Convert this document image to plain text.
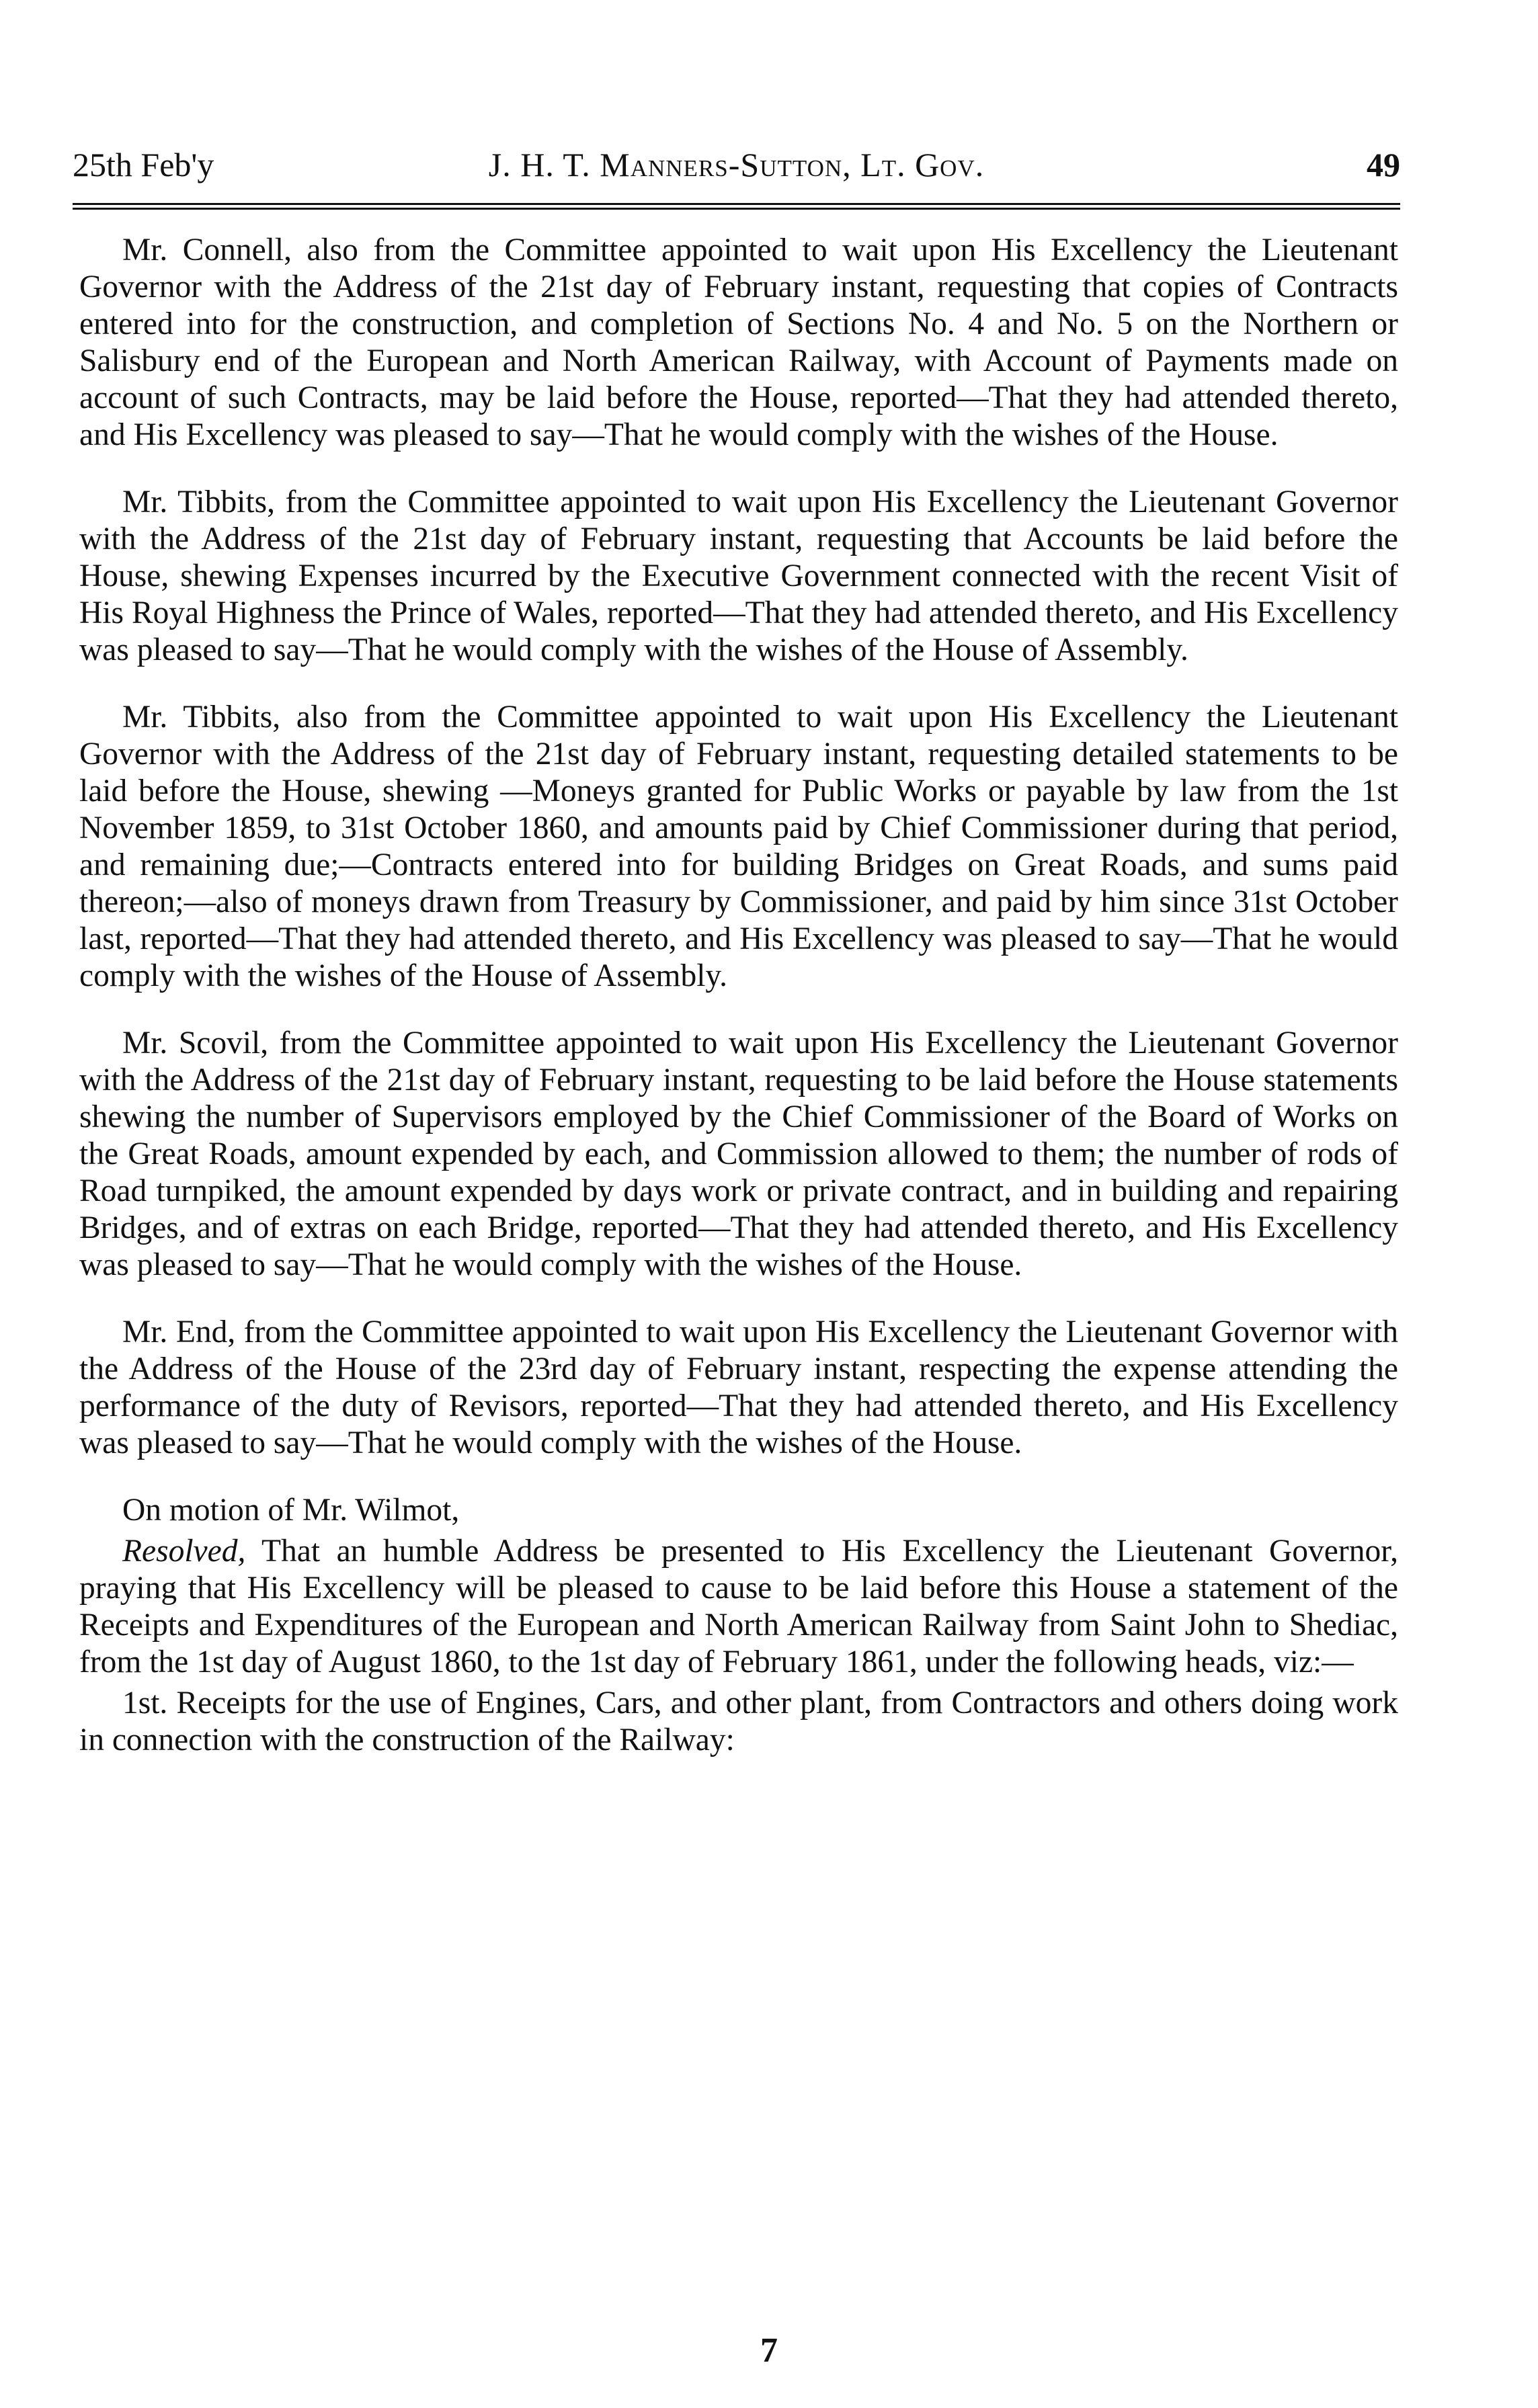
25th Feb'y	J. H. T. Manners-Sutton, Lt. Gov.	49

Mr. Connell, also from the Committee appointed to wait upon His Excellency the Lieutenant Governor with the Address of the 21st day of February instant, requesting that copies of Contracts entered into for the construction, and completion of Sections No. 4 and No. 5 on the Northern or Salisbury end of the European and North American Railway, with Account of Payments made on account of such Contracts, may be laid before the House, reported—That they had attended thereto, and His Excellency was pleased to say—That he would comply with the wishes of the House.

Mr. Tibbits, from the Committee appointed to wait upon His Excellency the Lieutenant Governor with the Address of the 21st day of February instant, requesting that Accounts be laid before the House, shewing Expenses incurred by the Executive Government connected with the recent Visit of His Royal Highness the Prince of Wales, reported—That they had attended thereto, and His Excellency was pleased to say—That he would comply with the wishes of the House of Assembly.

Mr. Tibbits, also from the Committee appointed to wait upon His Excellency the Lieutenant Governor with the Address of the 21st day of February instant, requesting detailed statements to be laid before the House, shewing —Moneys granted for Public Works or payable by law from the 1st November 1859, to 31st October 1860, and amounts paid by Chief Commissioner during that period, and remaining due;—Contracts entered into for building Bridges on Great Roads, and sums paid thereon;—also of moneys drawn from Treasury by Commissioner, and paid by him since 31st October last, reported—That they had attended thereto, and His Excellency was pleased to say—That he would comply with the wishes of the House of Assembly.

Mr. Scovil, from the Committee appointed to wait upon His Excellency the Lieutenant Governor with the Address of the 21st day of February instant, requesting to be laid before the House statements shewing the number of Supervisors employed by the Chief Commissioner of the Board of Works on the Great Roads, amount expended by each, and Commission allowed to them; the number of rods of Road turnpiked, the amount expended by days work or private contract, and in building and repairing Bridges, and of extras on each Bridge, reported—That they had attended thereto, and His Excellency was pleased to say—That he would comply with the wishes of the House.

Mr. End, from the Committee appointed to wait upon His Excellency the Lieutenant Governor with the Address of the House of the 23rd day of February instant, respecting the expense attending the performance of the duty of Revisors, reported—That they had attended thereto, and His Excellency was pleased to say—That he would comply with the wishes of the House.

On motion of Mr. Wilmot,

Resolved, That an humble Address be presented to His Excellency the Lieutenant Governor, praying that His Excellency will be pleased to cause to be laid before this House a statement of the Receipts and Expenditures of the European and North American Railway from Saint John to Shediac, from the 1st day of August 1860, to the 1st day of February 1861, under the following heads, viz:—

1st. Receipts for the use of Engines, Cars, and other plant, from Contractors and others doing work in connection with the construction of the Railway:

7
